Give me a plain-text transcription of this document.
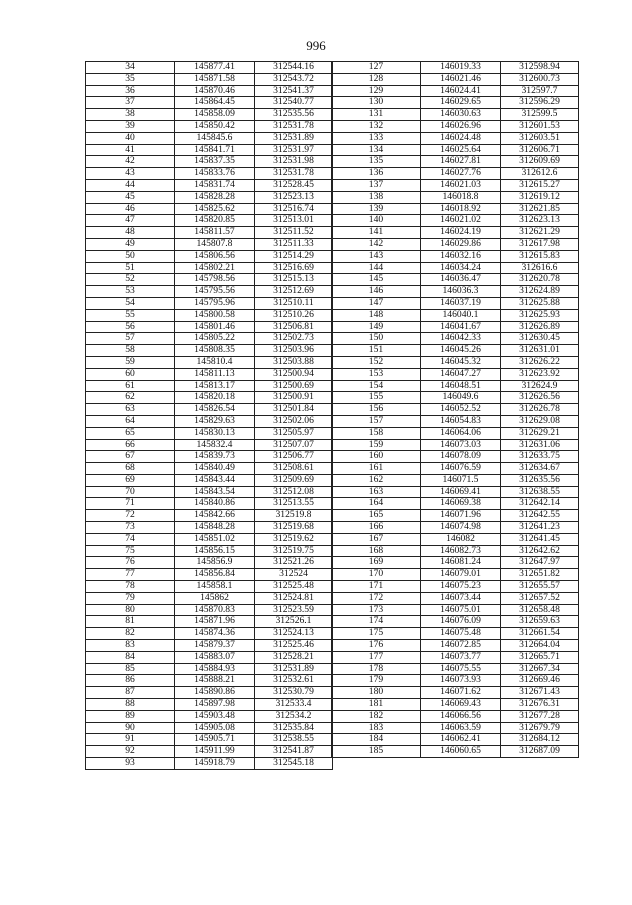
996
34	145877.41	312544.16
35	145871.58	312543.72
36	145870.46	312541.37
37	145864.45	312540.77
38	145858.09	312535.56
39	145850.42	312531.78
40	145845.6	312531.89
41	145841.71	312531.97
42	145837.35	312531.98
43	145833.76	312531.78
44	145831.74	312528.45
45	145828.28	312523.13
46	145825.62	312516.74
47	145820.85	312513.01
48	145811.57	312511.52
49	145807.8	312511.33
50	145806.56	312514.29
51	145802.21	312516.69
52	145798.56	312515.13
53	145795.56	312512.69
54	145795.96	312510.11
55	145800.58	312510.26
56	145801.46	312506.81
57	145805.22	312502.73
58	145808.35	312503.96
59	145810.4	312503.88
60	145811.13	312500.94
61	145813.17	312500.69
62	145820.18	312500.91
63	145826.54	312501.84
64	145829.63	312502.06
65	145830.13	312505.97
66	145832.4	312507.07
67	145839.73	312506.77
68	145840.49	312508.61
69	145843.44	312509.69
70	145843.54	312512.08
71	145840.86	312513.55
72	145842.66	312519.8
73	145848.28	312519.68
74	145851.02	312519.62
75	145856.15	312519.75
76	145856.9	312521.26
77	145856.84	312524
78	145858.1	312525.48
79	145862	312524.81
80	145870.83	312523.59
81	145871.96	312526.1
82	145874.36	312524.13
83	145879.37	312525.46
84	145883.07	312528.21
85	145884.93	312531.89
86	145888.21	312532.61
87	145890.86	312530.79
88	145897.98	312533.4
89	145903.48	312534.2
90	145905.08	312535.84
91	145905.71	312538.55
92	145911.99	312541.87
93	145918.79	312545.18
127	146019.33	312598.94
128	146021.46	312600.73
129	146024.41	312597.7
130	146029.65	312596.29
131	146030.63	312599.5
132	146026.96	312601.53
133	146024.48	312603.51
134	146025.64	312606.71
135	146027.81	312609.69
136	146027.76	312612.6
137	146021.03	312615.27
138	146018.8	312619.12
139	146018.92	312621.85
140	146021.02	312623.13
141	146024.19	312621.29
142	146029.86	312617.98
143	146032.16	312615.83
144	146034.24	312616.6
145	146036.47	312620.78
146	146036.3	312624.89
147	146037.19	312625.88
148	146040.1	312625.93
149	146041.67	312626.89
150	146042.33	312630.45
151	146045.26	312631.01
152	146045.32	312626.22
153	146047.27	312623.92
154	146048.51	312624.9
155	146049.6	312626.56
156	146052.52	312626.78
157	146054.83	312629.08
158	146064.06	312629.21
159	146073.03	312631.06
160	146078.09	312633.75
161	146076.59	312634.67
162	146071.5	312635.56
163	146069.41	312638.55
164	146069.38	312642.14
165	146071.96	312642.55
166	146074.98	312641.23
167	146082	312641.45
168	146082.73	312642.62
169	146081.24	312647.97
170	146079.01	312651.82
171	146075.23	312655.57
172	146073.44	312657.52
173	146075.01	312658.48
174	146076.09	312659.63
175	146075.48	312661.54
176	146072.85	312664.04
177	146073.77	312665.71
178	146075.55	312667.34
179	146073.93	312669.46
180	146071.62	312671.43
181	146069.43	312676.31
182	146066.56	312677.28
183	146063.59	312679.79
184	146062.41	312684.12
185	146060.65	312687.09
